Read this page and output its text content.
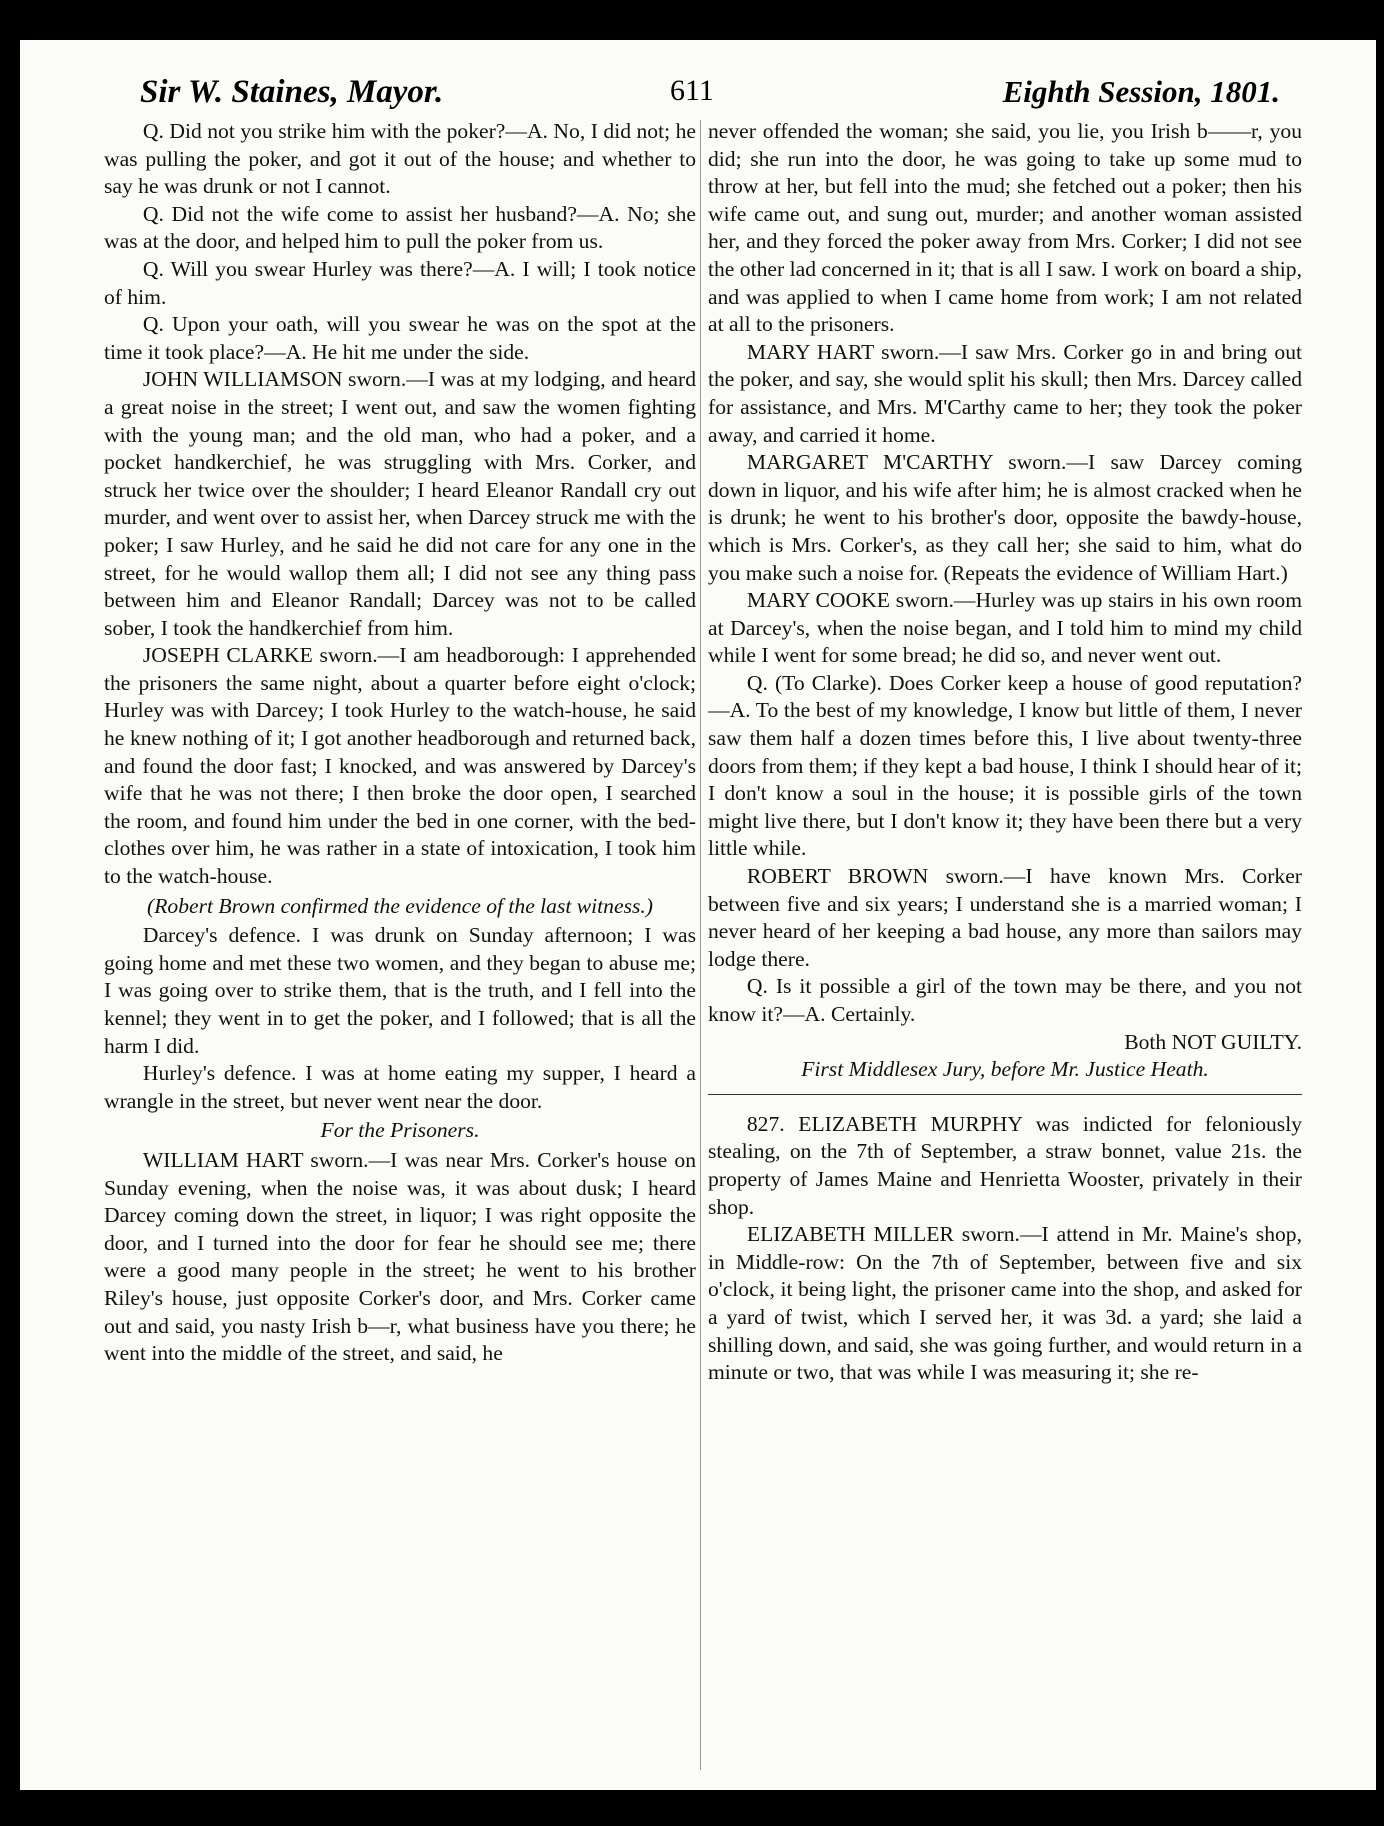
Sir W. Staines, Mayor.	611	Eighth Session, 1801.

Q. Did not you strike him with the poker?—A. No, I did not; he was pulling the poker, and got it out of the house; and whether to say he was drunk or not I cannot.

Q. Did not the wife come to assist her husband?—A. No; she was at the door, and helped him to pull the poker from us.

Q. Will you swear Hurley was there?—A. I will; I took notice of him.

Q. Upon your oath, will you swear he was on the spot at the time it took place?—A. He hit me under the side.

JOHN WILLIAMSON sworn.—I was at my lodging, and heard a great noise in the street; I went out, and saw the women fighting with the young man; and the old man, who had a poker, and a pocket handkerchief, he was struggling with Mrs. Corker, and struck her twice over the shoulder; I heard Eleanor Randall cry out murder, and went over to assist her, when Darcey struck me with the poker; I saw Hurley, and he said he did not care for any one in the street, for he would wallop them all; I did not see any thing pass between him and Eleanor Randall; Darcey was not to be called sober, I took the handkerchief from him.

JOSEPH CLARKE sworn.—I am headborough: I apprehended the prisoners the same night, about a quarter before eight o'clock; Hurley was with Darcey; I took Hurley to the watch-house, he said he knew nothing of it; I got another headborough and returned back, and found the door fast; I knocked, and was answered by Darcey's wife that he was not there; I then broke the door open, I searched the room, and found him under the bed in one corner, with the bed-clothes over him, he was rather in a state of intoxication, I took him to the watch-house.

(Robert Brown confirmed the evidence of the last witness.)

Darcey's defence. I was drunk on Sunday afternoon; I was going home and met these two women, and they began to abuse me; I was going over to strike them, that is the truth, and I fell into the kennel; they went in to get the poker, and I followed; that is all the harm I did.

Hurley's defence. I was at home eating my supper, I heard a wrangle in the street, but never went near the door.

For the Prisoners.

WILLIAM HART sworn.—I was near Mrs. Corker's house on Sunday evening, when the noise was, it was about dusk; I heard Darcey coming down the street, in liquor; I was right opposite the door, and I turned into the door for fear he should see me; there were a good many people in the street; he went to his brother Riley's house, just opposite Corker's door, and Mrs. Corker came out and said, you nasty Irish b—r, what business have you there; he went into the middle of the street, and said, he

never offended the woman; she said, you lie, you Irish b——r, you did; she run into the door, he was going to take up some mud to throw at her, but fell into the mud; she fetched out a poker; then his wife came out, and sung out, murder; and another woman assisted her, and they forced the poker away from Mrs. Corker; I did not see the other lad concerned in it; that is all I saw. I work on board a ship, and was applied to when I came home from work; I am not related at all to the prisoners.

MARY HART sworn.—I saw Mrs. Corker go in and bring out the poker, and say, she would split his skull; then Mrs. Darcey called for assistance, and Mrs. M'Carthy came to her; they took the poker away, and carried it home.

MARGARET M'CARTHY sworn.—I saw Darcey coming down in liquor, and his wife after him; he is almost cracked when he is drunk; he went to his brother's door, opposite the bawdy-house, which is Mrs. Corker's, as they call her; she said to him, what do you make such a noise for. (Repeats the evidence of William Hart.)

MARY COOKE sworn.—Hurley was up stairs in his own room at Darcey's, when the noise began, and I told him to mind my child while I went for some bread; he did so, and never went out.

Q. (To Clarke). Does Corker keep a house of good reputation?—A. To the best of my knowledge, I know but little of them, I never saw them half a dozen times before this, I live about twenty-three doors from them; if they kept a bad house, I think I should hear of it; I don't know a soul in the house; it is possible girls of the town might live there, but I don't know it; they have been there but a very little while.

ROBERT BROWN sworn.—I have known Mrs. Corker between five and six years; I understand she is a married woman; I never heard of her keeping a bad house, any more than sailors may lodge there.

Q. Is it possible a girl of the town may be there, and you not know it?—A. Certainly.

Both NOT GUILTY.

First Middlesex Jury, before Mr. Justice Heath.

827. ELIZABETH MURPHY was indicted for feloniously stealing, on the 7th of September, a straw bonnet, value 21s. the property of James Maine and Henrietta Wooster, privately in their shop.

ELIZABETH MILLER sworn.—I attend in Mr. Maine's shop, in Middle-row: On the 7th of September, between five and six o'clock, it being light, the prisoner came into the shop, and asked for a yard of twist, which I served her, it was 3d. a yard; she laid a shilling down, and said, she was going further, and would return in a minute or two, that was while I was measuring it; she re-
